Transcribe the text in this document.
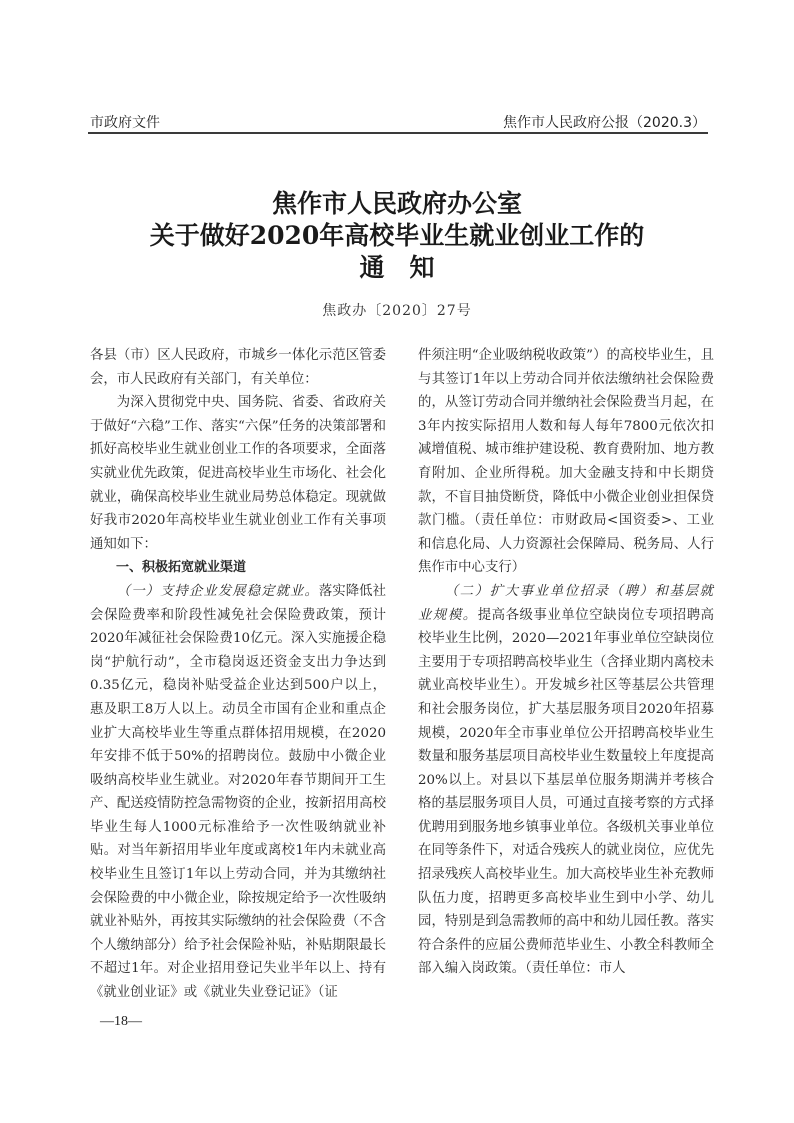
市政府文件	焦作市人民政府公报（2020.3）
焦作市人民政府办公室
关于做好2020年高校毕业生就业创业工作的
通　知
焦政办〔2020〕27号

各县（市）区人民政府，市城乡一体化示范区管委会，市人民政府有关部门，有关单位：

为深入贯彻党中央、国务院、省委、省政府关于做好“六稳”工作、落实“六保”任务的决策部署和抓好高校毕业生就业创业工作的各项要求，全面落实就业优先政策，促进高校毕业生市场化、社会化就业，确保高校毕业生就业局势总体稳定。现就做好我市2020年高校毕业生就业创业工作有关事项通知如下：

一、积极拓宽就业渠道

（一）支持企业发展稳定就业。落实降低社会保险费率和阶段性减免社会保险费政策，预计2020年减征社会保险费10亿元。深入实施援企稳岗“护航行动”，全市稳岗返还资金支出力争达到0.35亿元，稳岗补贴受益企业达到500户以上，惠及职工8万人以上。动员全市国有企业和重点企业扩大高校毕业生等重点群体招用规模，在2020年安排不低于50%的招聘岗位。鼓励中小微企业吸纳高校毕业生就业。对2020年春节期间开工生产、配送疫情防控急需物资的企业，按新招用高校毕业生每人1000元标准给予一次性吸纳就业补贴。对当年新招用毕业年度或离校1年内未就业高校毕业生且签订1年以上劳动合同，并为其缴纳社会保险费的中小微企业，除按规定给予一次性吸纳就业补贴外，再按其实际缴纳的社会保险费（不含个人缴纳部分）给予社会保险补贴，补贴期限最长不超过1年。对企业招用登记失业半年以上、持有《就业创业证》或《就业失业登记证》（证

件须注明“企业吸纳税收政策”）的高校毕业生，且与其签订1年以上劳动合同并依法缴纳社会保险费的，从签订劳动合同并缴纳社会保险费当月起，在3年内按实际招用人数和每人每年7800元依次扣减增值税、城市维护建设税、教育费附加、地方教育附加、企业所得税。加大金融支持和中长期贷款，不盲目抽贷断贷，降低中小微企业创业担保贷款门槛。（责任单位：市财政局<国资委>、工业和信息化局、人力资源社会保障局、税务局、人行焦作市中心支行）

（二）扩大事业单位招录（聘）和基层就业规模。提高各级事业单位空缺岗位专项招聘高校毕业生比例，2020—2021年事业单位空缺岗位主要用于专项招聘高校毕业生（含择业期内离校未就业高校毕业生）。开发城乡社区等基层公共管理和社会服务岗位，扩大基层服务项目2020年招募规模，2020年全市事业单位公开招聘高校毕业生数量和服务基层项目高校毕业生数量较上年度提高20%以上。对县以下基层单位服务期满并考核合格的基层服务项目人员，可通过直接考察的方式择优聘用到服务地乡镇事业单位。各级机关事业单位在同等条件下，对适合残疾人的就业岗位，应优先招录残疾人高校毕业生。加大高校毕业生补充教师队伍力度，招聘更多高校毕业生到中小学、幼儿园，特别是到急需教师的高中和幼儿园任教。落实符合条件的应届公费师范毕业生、小教全科教师全部入编入岗政策。（责任单位：市人

—18—
